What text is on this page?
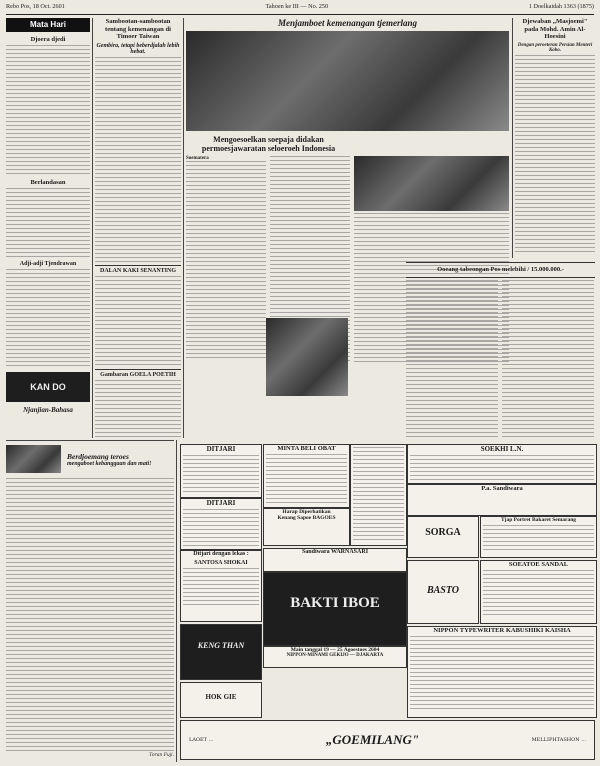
Rebo Pos, 18 Oct. 2601	Tahoen ke III — No. 250	1 Doelkaidah 1363 (1875)
Mata Hari
Djoera djedi
Berlandasan
Adji-adji Tjendrawan
KAN DO
Njanjian-Bahasa
Sambootan-sambootan tentang kemenangan di Timoer Taiwan
Gembira, tetapi beberdjalah lebih hebat.
DALAN KAKI SENANTING
Gambaran GOELA POETIH
Menjamboet kemenangan tjemerlang
Mengoesoelkan soepaja didakan permoesjawaratan seloeroeh Indonesia
Soematera
Djewaban „Masjoemi" pada Mohd. Amin Al-Hoesini
Dengan peroeteran Persian Menteri Kobo.
Ooeang tabeongan Pos melebihi / 15.000.000.-
Berdjoemang teroes
mengaboet kebanggaan dan mati!
Toran Fuji.
DITJARI
DITJARI
Ditjari dengan lekas :
SANTOSA SHOKAI
KENG THAN
HOK GIE
MINTA BELI OBAT
Harap Diperhatikan
Kenang Sapoe BAGOES
SOEKHI L.N.
P.a. Sandiwara
SORGA
Tjap Portret Bakaret Semarang
Sandiwara WARNASARI
BAKTI IBOE
Main tanggal 19 — 25 Agoestoes 2604
NIPPON-MINAMI GEKIJO — DJAKARTA
BASTO
SOEATOE SANDAL
NIPPON TYPEWRITER KABUSHIKI KAISHA
LAOET ...	„GOEMILANG"	MELLIPHTASHON ...
